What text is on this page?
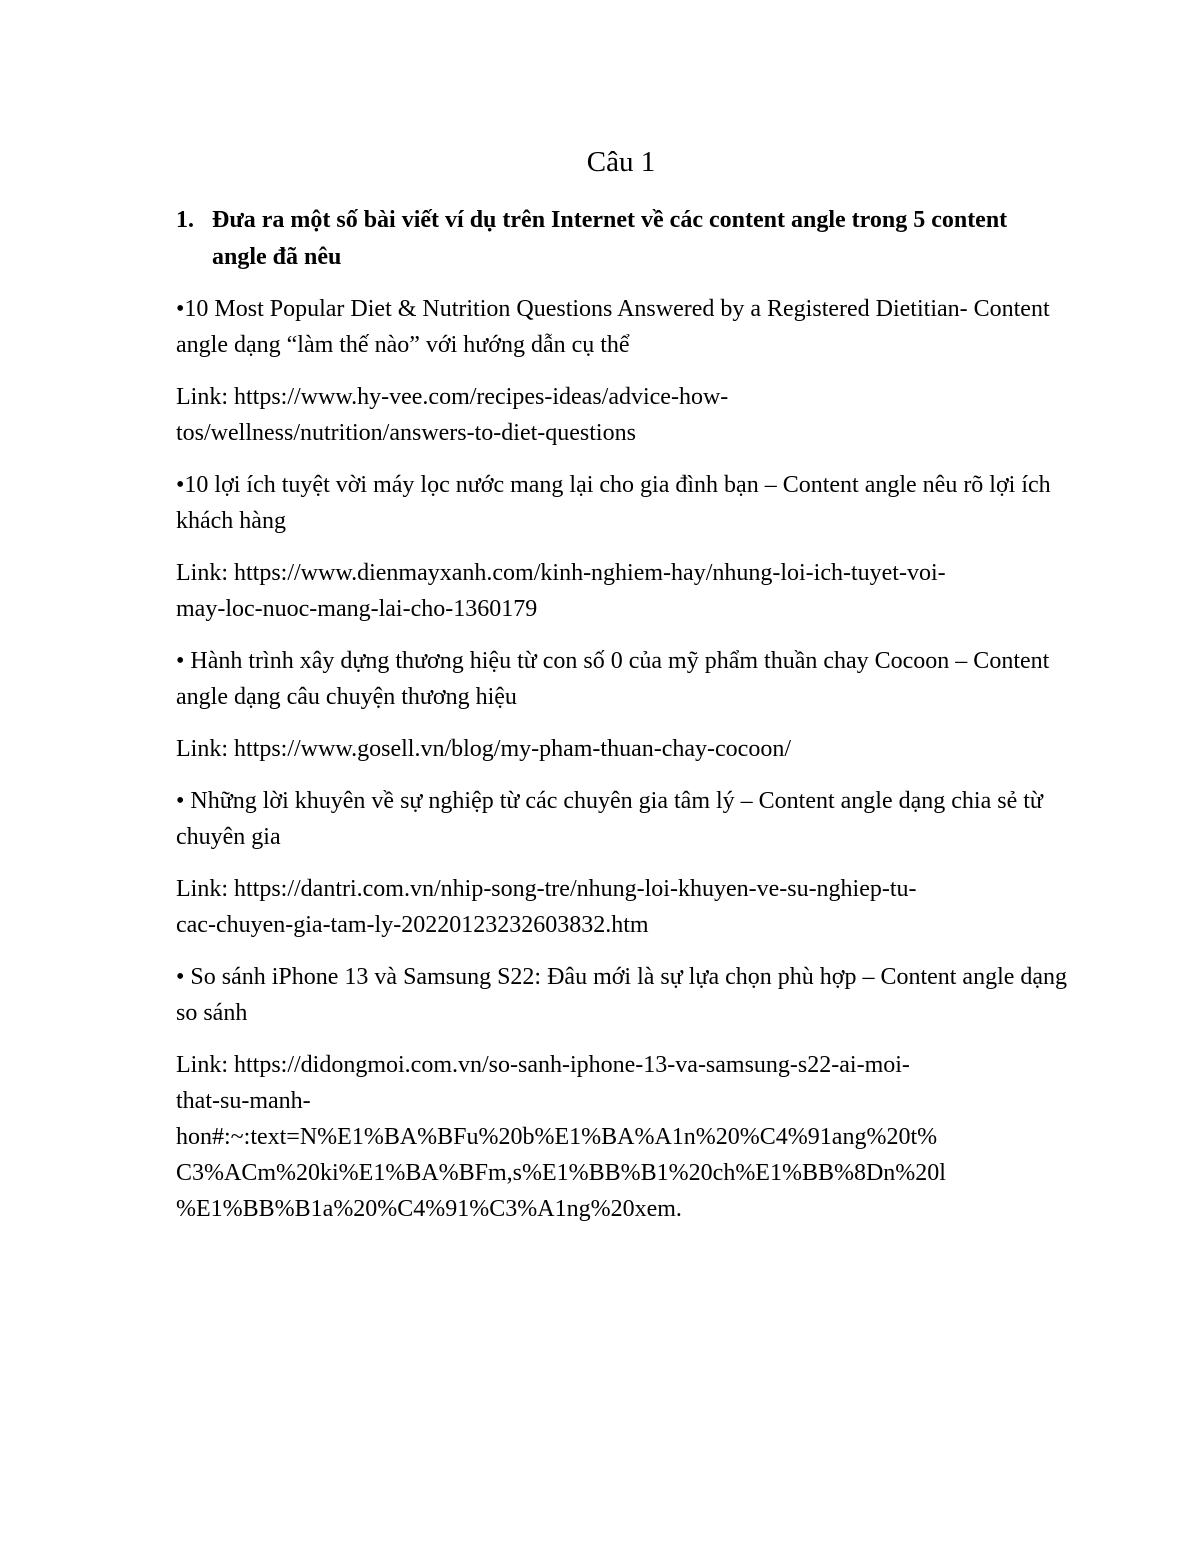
Câu 1
1. Đưa ra một số bài viết ví dụ trên Internet về các content angle trong 5 content angle đã nêu

•10 Most Popular Diet & Nutrition Questions Answered by a Registered Dietitian- Content angle dạng “làm thế nào” với hướng dẫn cụ thể

Link: https://www.hy-vee.com/recipes-ideas/advice-how-
tos/wellness/nutrition/answers-to-diet-questions

•10 lợi ích tuyệt vời máy lọc nước mang lại cho gia đình bạn – Content angle nêu rõ lợi ích khách hàng

Link: https://www.dienmayxanh.com/kinh-nghiem-hay/nhung-loi-ich-tuyet-voi-
may-loc-nuoc-mang-lai-cho-1360179

• Hành trình xây dựng thương hiệu từ con số 0 của mỹ phẩm thuần chay Cocoon – Content angle dạng câu chuyện thương hiệu

Link: https://www.gosell.vn/blog/my-pham-thuan-chay-cocoon/

• Những lời khuyên về sự nghiệp từ các chuyên gia tâm lý – Content angle dạng chia sẻ từ chuyên gia

Link: https://dantri.com.vn/nhip-song-tre/nhung-loi-khuyen-ve-su-nghiep-tu-
cac-chuyen-gia-tam-ly-20220123232603832.htm

• So sánh iPhone 13 và Samsung S22: Đâu mới là sự lựa chọn phù hợp – Content angle dạng so sánh

Link: https://didongmoi.com.vn/so-sanh-iphone-13-va-samsung-s22-ai-moi-
that-su-manh-
hon#:~:text=N%E1%BA%BFu%20b%E1%BA%A1n%20%C4%91ang%20t%
C3%ACm%20ki%E1%BA%BFm,s%E1%BB%B1%20ch%E1%BB%8Dn%20l
%E1%BB%B1a%20%C4%91%C3%A1ng%20xem.
